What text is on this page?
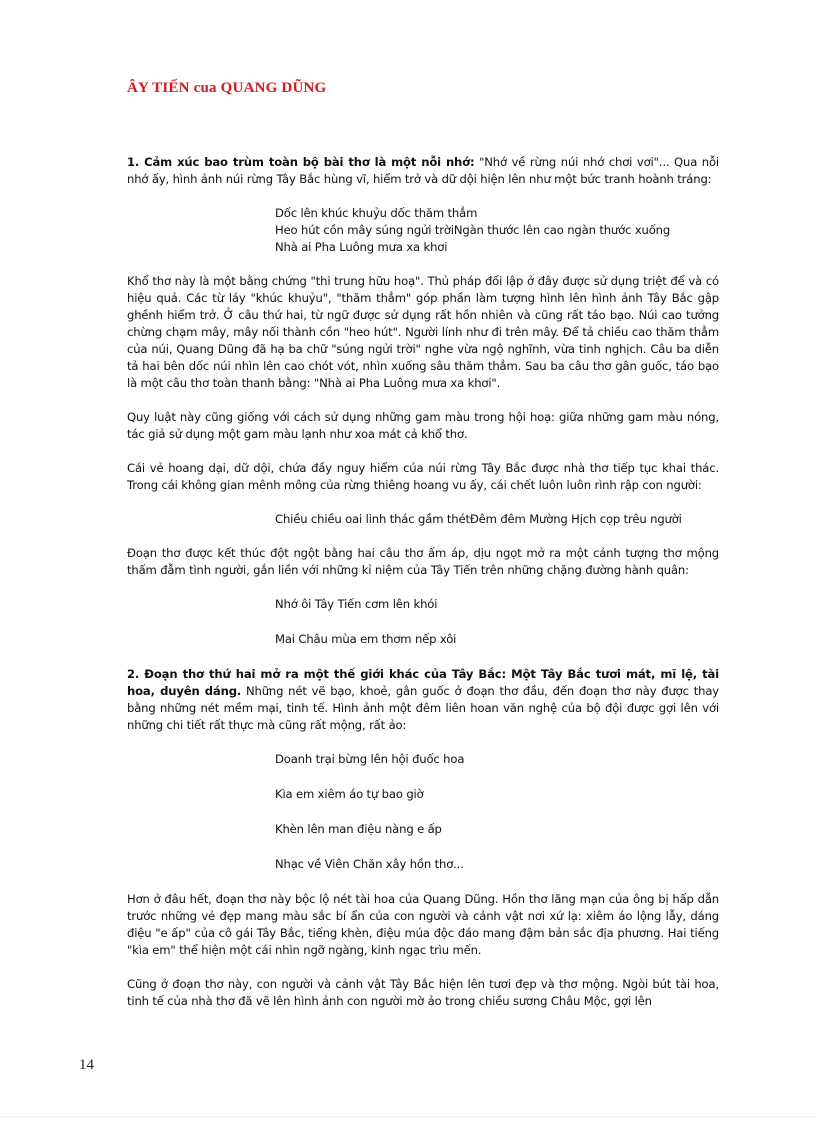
ÂY TIẾN cua QUANG DŨNG

1. Cảm xúc bao trùm toàn bộ bài thơ là một nỗi nhớ: "Nhớ về rừng núi nhớ chơi vơi"... Qua nỗi nhớ ấy, hình ảnh núi rừng Tây Bắc hùng vĩ, hiểm trở và dữ dội hiện lên như một bức tranh hoành tráng:

Dốc lên khúc khuỷu dốc thăm thẳm
Heo hút cồn mây súng ngửi trờiNgàn thước lên cao ngàn thước xuống
Nhà ai Pha Luông mưa xa khơi

Khổ thơ này là một bằng chứng "thi trung hữu hoạ". Thủ pháp đối lập ở đây được sử dụng triệt để và có hiệu quả. Các từ láy "khúc khuỷu", "thăm thẳm" góp phần làm tượng hình lên hình ảnh Tây Bắc gập ghềnh hiểm trở. Ở câu thứ hai, từ ngữ được sử dụng rất hồn nhiên và cũng rất táo bạo. Núi cao tưởng chừng chạm mây, mây nối thành cồn "heo hút". Người lính như đi trên mây. Để tả chiều cao thăm thẳm của núi, Quang Dũng đã hạ ba chữ "súng ngửi trời" nghe vừa ngộ nghĩnh, vừa tinh nghịch. Câu ba diễn tả hai bên dốc núi nhìn lên cao chót vót, nhìn xuống sâu thăm thẳm. Sau ba câu thơ gân guốc, táo bạo là một câu thơ toàn thanh bằng: "Nhà ai Pha Luông mưa xa khơi".

Quy luật này cũng giống với cách sử dụng những gam màu trong hội hoạ: giữa những gam màu nóng, tác giả sử dụng một gam màu lạnh như xoa mát cả khổ thơ.

Cái vẻ hoang dại, dữ dội, chứa đầy nguy hiểm của núi rừng Tây Bắc được nhà thơ tiếp tục khai thác. Trong cái không gian mênh mông của rừng thiêng hoang vu ấy, cái chết luôn luôn rình rập con người:

Chiều chiều oai linh thác gầm thétĐêm đêm Mường Hịch cọp trêu người

Đoạn thơ được kết thúc đột ngột bằng hai câu thơ ấm áp, dịu ngọt mở ra một cảnh tượng thơ mộng thấm đẫm tình người, gắn liền với những kỉ niệm của Tây Tiến trên những chặng đường hành quân:

Nhớ ôi Tây Tiến cơm lên khói
Mai Châu mùa em thơm nếp xôi

2. Đoạn thơ thứ hai mở ra một thế giới khác của Tây Bắc: Một Tây Bắc tươi mát, mĩ lệ, tài hoa, duyên dáng. Những nét vẽ bạo, khoẻ, gân guốc ở đoạn thơ đầu, đến đoạn thơ này được thay bằng những nét mềm mại, tinh tế. Hình ảnh một đêm liên hoan văn nghệ của bộ đội được gợi lên với những chi tiết rất thực mà cũng rất mộng, rất ảo:

Doanh trại bừng lên hội đuốc hoa
Kìa em xiêm áo tự bao giờ
Khèn lên man điệu nàng e ấp
Nhạc về Viên Chăn xây hồn thơ...

Hơn ở đâu hết, đoạn thơ này bộc lộ nét tài hoa của Quang Dũng. Hồn thơ lãng mạn của ông bị hấp dẫn trước những vẻ đẹp mang màu sắc bí ẩn của con người và cảnh vật nơi xứ lạ: xiêm áo lộng lẫy, dáng điệu "e ấp" của cô gái Tây Bắc, tiếng khèn, điệu múa độc đáo mang đậm bản sắc địa phương. Hai tiếng "kìa em" thể hiện một cái nhìn ngỡ ngàng, kinh ngạc trìu mến.

Cũng ở đoạn thơ này, con người và cảnh vật Tây Bắc hiện lên tươi đẹp và thơ mộng. Ngòi bút tài hoa, tinh tế của nhà thơ đã vẽ lên hình ảnh con người mờ ảo trong chiều sương Châu Mộc, gợi lên

14
